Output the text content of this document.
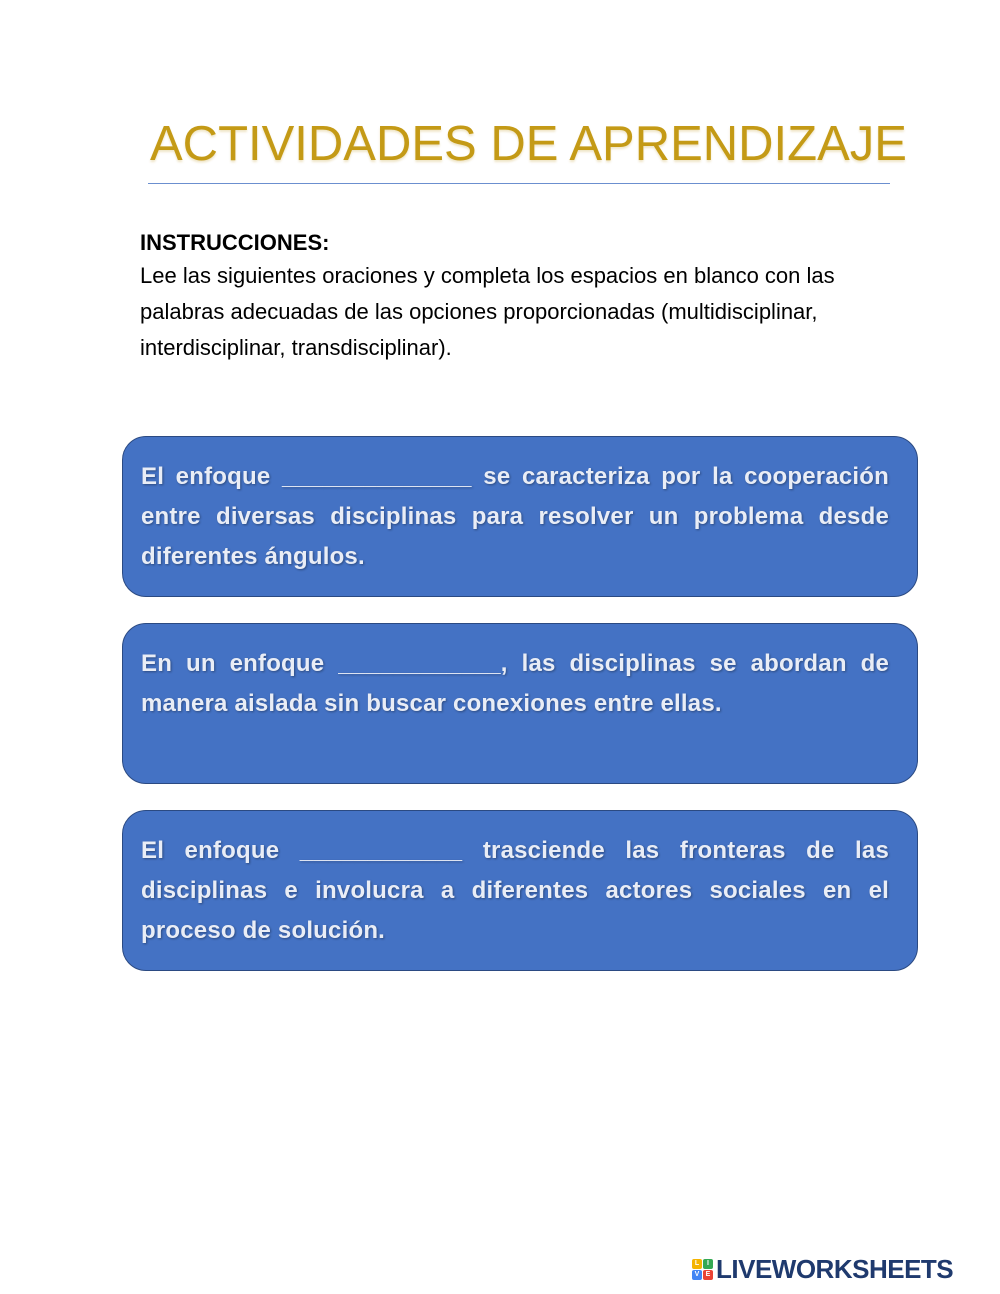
ACTIVIDADES DE APRENDIZAJE
INSTRUCCIONES:
Lee las siguientes oraciones y completa los espacios en blanco con las palabras adecuadas de las opciones proporcionadas (multidisciplinar, interdisciplinar, transdisciplinar).

El enfoque ______________ se caracteriza por la cooperación entre diversas disciplinas para resolver un problema desde diferentes ángulos.

En un enfoque ____________, las disciplinas se abordan de manera aislada sin buscar conexiones entre ellas.

El enfoque ____________ trasciende las fronteras de las disciplinas e involucra a diferentes actores sociales en el proceso de solución.

L	I
V E LIVEWORKSHEETS
